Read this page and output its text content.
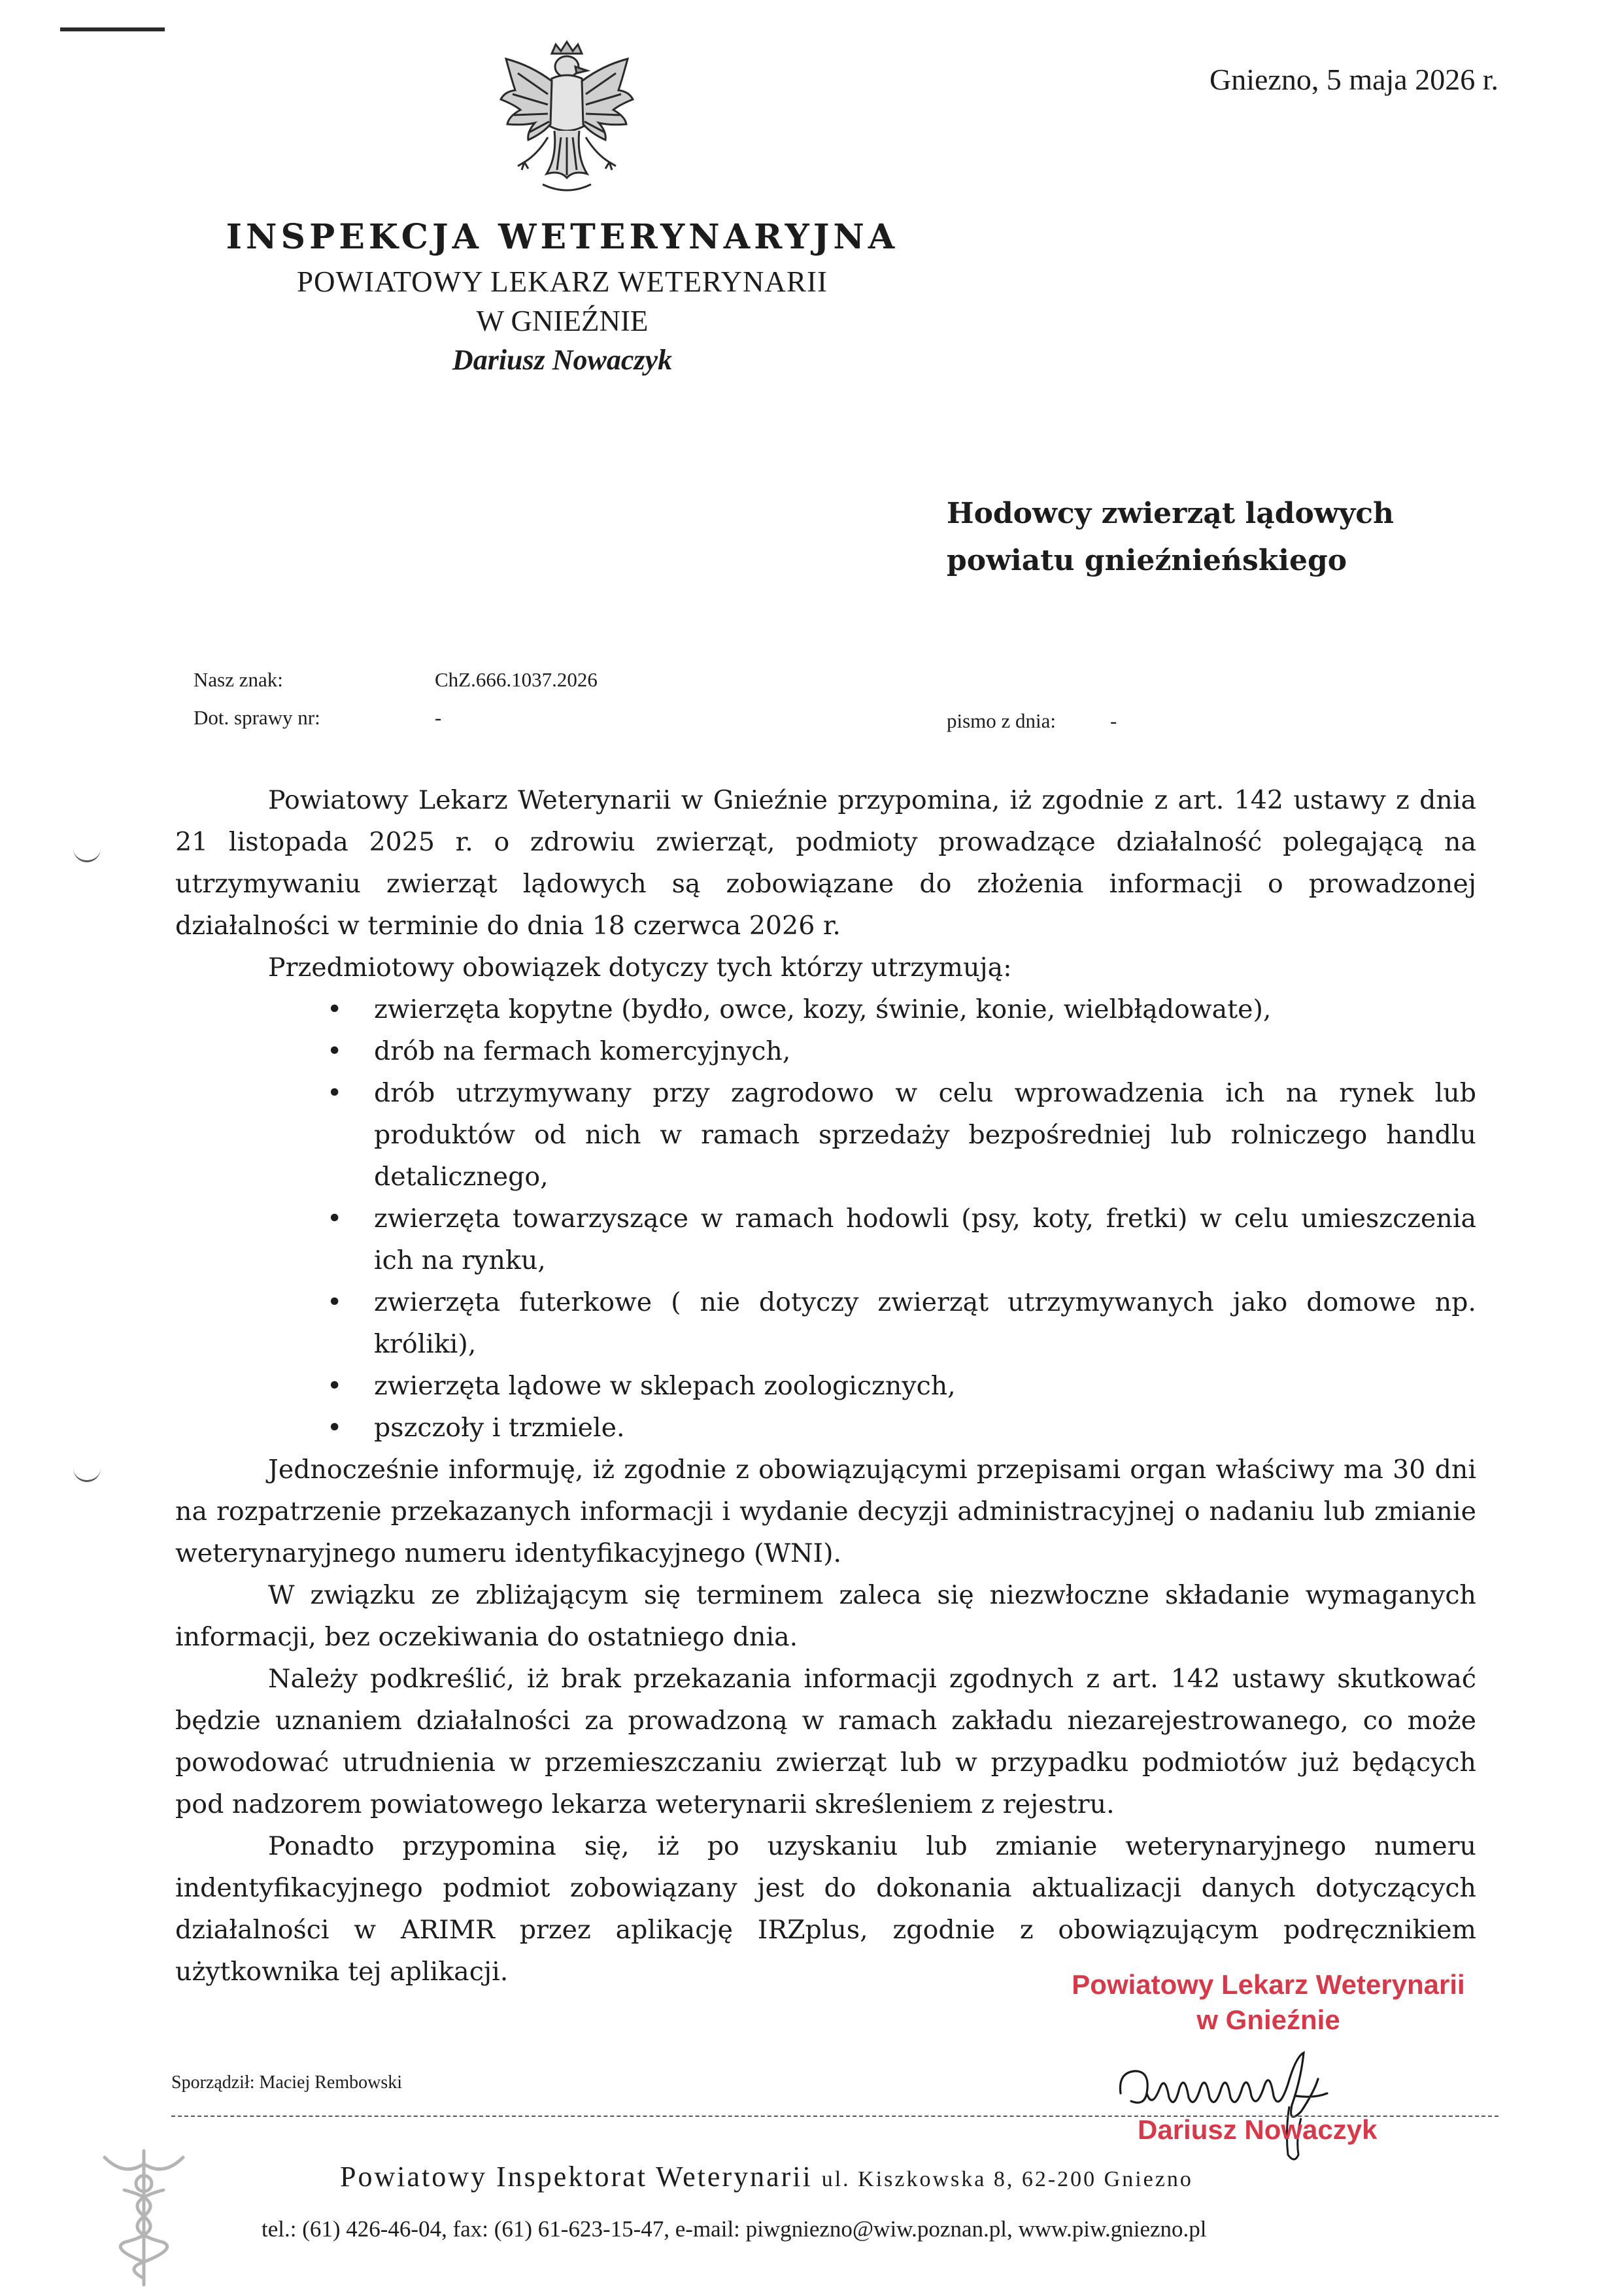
Gniezno, 5 maja 2026 r.
INSPEKCJA WETERYNARYJNA
POWIATOWY LEKARZ WETERYNARII
W GNIEŹNIE
Dariusz Nowaczyk
Hodowcy zwierząt lądowych
powiatu gnieźnieńskiego
Nasz znak:	ChZ.666.1037.2026
Dot. sprawy nr:	-	pismo z dnia:	-

Powiatowy Lekarz Weterynarii w Gnieźnie przypomina, iż zgodnie z art. 142 ustawy z dnia 21 listopada 2025 r. o zdrowiu zwierząt, podmioty prowadzące działalność polegającą na utrzymywaniu zwierząt lądowych są zobowiązane do złożenia informacji o prowadzonej działalności w terminie do dnia 18 czerwca 2026 r.

Przedmiotowy obowiązek dotyczy tych którzy utrzymują:

• zwierzęta kopytne (bydło, owce, kozy, świnie, konie, wielbłądowate),
• drób na fermach komercyjnych,
• drób utrzymywany przy zagrodowo w celu wprowadzenia ich na rynek lub produktów od nich w ramach sprzedaży bezpośredniej lub rolniczego handlu detalicznego,
• zwierzęta towarzyszące w ramach hodowli (psy, koty, fretki) w celu umieszczenia ich na rynku,
• zwierzęta futerkowe ( nie dotyczy zwierząt utrzymywanych jako domowe np. króliki),
• zwierzęta lądowe w sklepach zoologicznych,
• pszczoły i trzmiele.

Jednocześnie informuję, iż zgodnie z obowiązującymi przepisami organ właściwy ma 30 dni na rozpatrzenie przekazanych informacji i wydanie decyzji administracyjnej o nadaniu lub zmianie weterynaryjnego numeru identyfikacyjnego (WNI).

W związku ze zbliżającym się terminem zaleca się niezwłoczne składanie wymaganych informacji, bez oczekiwania do ostatniego dnia.

Należy podkreślić, iż brak przekazania informacji zgodnych z art. 142 ustawy skutkować będzie uznaniem działalności za prowadzoną w ramach zakładu niezarejestrowanego, co może powodować utrudnienia w przemieszczaniu zwierząt lub w przypadku podmiotów już będących pod nadzorem powiatowego lekarza weterynarii skreśleniem z rejestru.

Ponadto przypomina się, iż po uzyskaniu lub zmianie weterynaryjnego numeru indentyfikacyjnego podmiot zobowiązany jest do dokonania aktualizacji danych dotyczących działalności w ARIMR przez aplikację IRZplus, zgodnie z obowiązującym podręcznikiem użytkownika tej aplikacji.	Powiatowy Lekarz Weterynarii
w Gnieźnie
Dariusz Nowaczyk
Sporządził: Maciej Rembowski
Powiatowy Inspektorat Weterynarii ul. Kiszkowska 8, 62-200 Gniezno
tel.: (61) 426-46-04, fax: (61) 61-623-15-47, e-mail: piwgniezno@wiw.poznan.pl, www.piw.gniezno.pl
